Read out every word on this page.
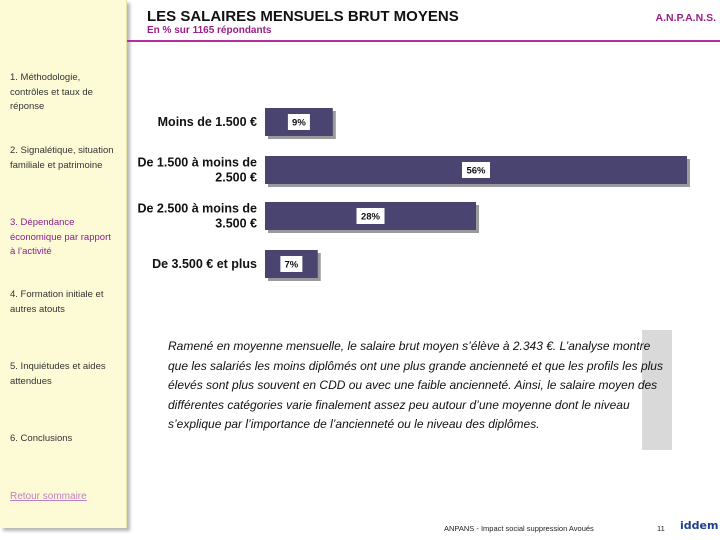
1. Méthodologie, contrôles et taux de réponse
2. Signalétique, situation familiale et patrimoine
3. Dépendance économique par rapport à l’activité
4. Formation initiale et autres atouts
5. Inquiétudes et aides attendues
6. Conclusions
Retour sommaire
LES SALAIRES MENSUELS BRUT MOYENS
En % sur 1165 répondants
A.N.P.A.N.S.
Moins de 1.500 €	9%
De 1.500 à moins de 2.500 €	56%
De 2.500 à moins de 3.500 €	28%
De 3.500 € et plus	7%
Ramené en moyenne mensuelle, le salaire brut moyen s’élève à 2.343 €. L’analyse montre que les salariés les moins diplômés ont une plus grande ancienneté et que les profils les plus élevés sont plus souvent en CDD ou avec une faible ancienneté. Ainsi, le salaire moyen des différentes catégories varie finalement assez peu autour d’une moyenne dont le niveau s’explique par l’importance de l’ancienneté ou le niveau des diplômes.
ANPANS - Impact social suppression Avoués	11 iddem
